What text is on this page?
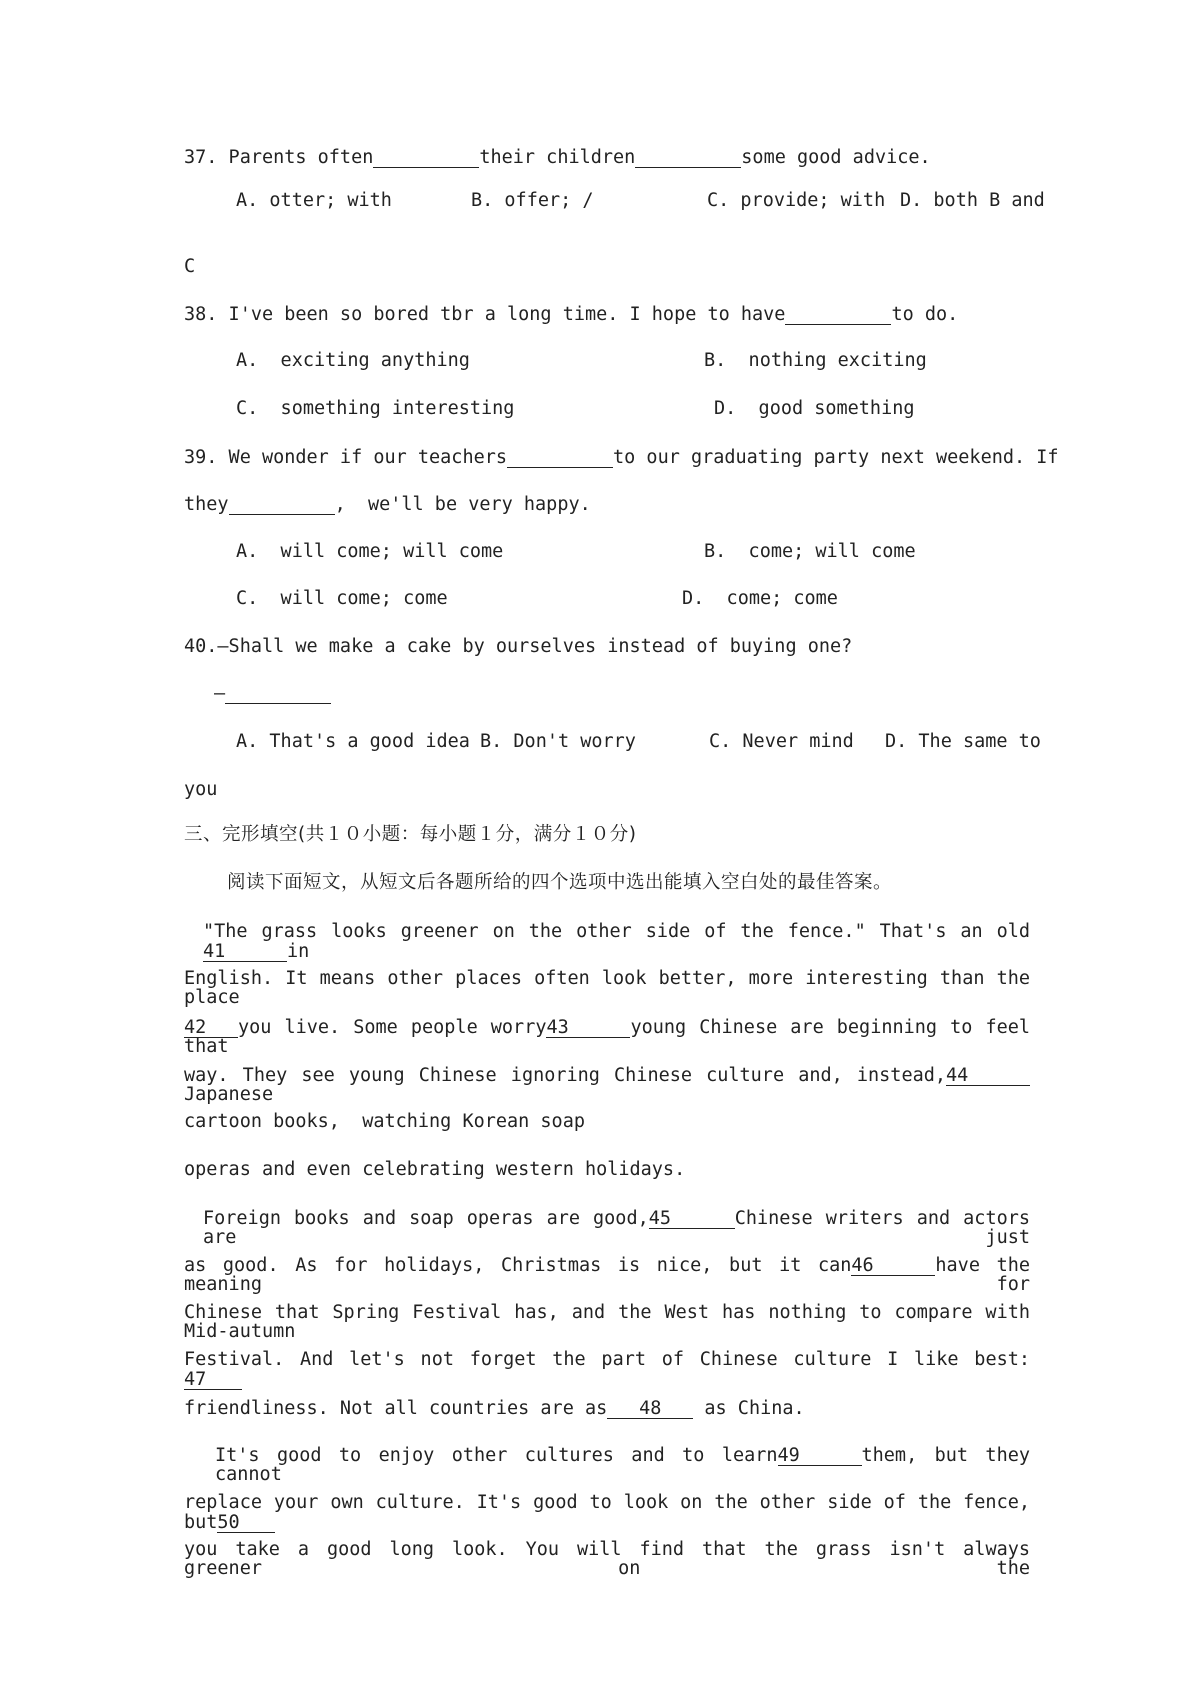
37. Parents often	their children	some good advice.
A. otter; with	B. offer; /	C. provide; with D. both B and
C
38. I've been so bored tbr a long time. I hope to have	to do.
A.  exciting anything	B.  nothing exciting
C.  something interesting	D.  good something
39. We wonder if our teachers	to our graduating party next weekend. If
they	,  we'll be very happy.
A.  will come; will come	B.  come; will come
C.  will come; come	D.  come; come
40.—Shall we make a cake by ourselves instead of buying one?
—
A. That's a good idea B. Don't worry	C. Never mind D. The same to
you
三、完形填空(共１０小题：每小题１分，满分１０分)
阅读下面短文，从短文后各题所给的四个选项中选出能填入空白处的最佳答案。
"The grass looks greener on the other side of the fence." That's an old41	in
English. It means other places often look better, more interesting than the place
42 you live. Some people worry43	young Chinese are beginning to feel that
way. They see young Chinese ignoring Chinese culture and, instead,44Japanese
cartoon books,  watching Korean soap
operas and even celebrating western holidays.
Foreign books and soap operas are good,45	Chinese writers and actors are just
as good. As for holidays, Christmas is nice, but it can46	have the meaning for
Chinese that Spring Festival has, and the West has nothing to compare with Mid-autumn
Festival. And let's not forget the part of Chinese culture I like best:47
friendliness. Not all countries are as 48 as China.
It's good to enjoy other cultures and to learn49	them, but they cannot
replace your own culture. It's good to look on the other side of the fence, but50
you take a good long look. You will find that the grass isn't always greener on the
